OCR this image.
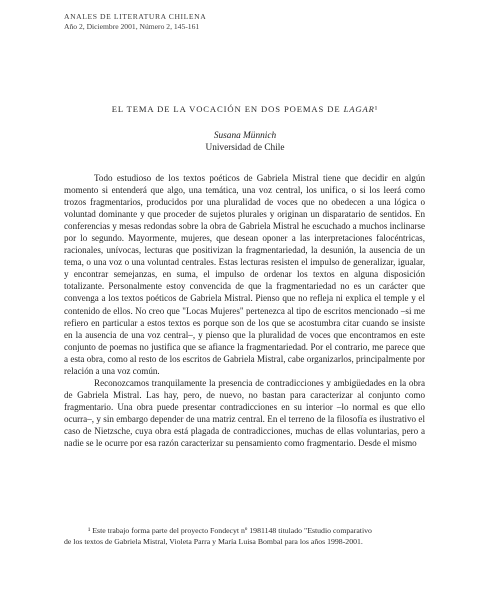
ANALES DE LITERATURA CHILENA
Año 2, Diciembre 2001, Número 2, 145-161
EL TEMA DE LA VOCACIÓN EN DOS POEMAS DE LAGAR¹
Susana Münnich
Universidad de Chile

Todo estudioso de los textos poéticos de Gabriela Mistral tiene que decidir en algún momento si entenderá que algo, una temática, una voz central, los unifica, o si los leerá como trozos fragmentarios, producidos por una pluralidad de voces que no obedecen a una lógica o voluntad dominante y que proceder de sujetos plurales y originan un disparatario de sentidos. En conferencias y mesas redondas sobre la obra de Gabriela Mistral he escuchado a muchos inclinarse por lo segundo. Mayormente, mujeres, que desean oponer a las interpretaciones falocéntricas, racionales, unívocas, lecturas que positivizan la fragmentariedad, la desunión, la ausencia de un tema, o una voz o una voluntad centrales. Estas lecturas resisten el impulso de generalizar, igualar, y encontrar semejanzas, en suma, el impulso de ordenar los textos en alguna disposición totalizante. Personalmente estoy convencida de que la fragmentariedad no es un carácter que convenga a los textos poéticos de Gabriela Mistral. Pienso que no refleja ni explica el temple y el contenido de ellos. No creo que "Locas Mujeres" pertenezca al tipo de escritos mencionado –si me refiero en particular a estos textos es porque son de los que se acostumbra citar cuando se insiste en la ausencia de una voz central–, y pienso que la pluralidad de voces que encontramos en este conjunto de poemas no justifica que se afiance la fragmentariedad. Por el contrario, me parece que a esta obra, como al resto de los escritos de Gabriela Mistral, cabe organizarlos, principalmente por relación a una voz común.

Reconozcamos tranquilamente la presencia de contradicciones y ambigüedades en la obra de Gabriela Mistral. Las hay, pero, de nuevo, no bastan para caracterizar al conjunto como fragmentario. Una obra puede presentar contradicciones en su interior –lo normal es que ello ocurra–, y sin embargo depender de una matriz central. En el terreno de la filosofía es ilustrativo el caso de Nietzsche, cuya obra está plagada de contradicciones, muchas de ellas voluntarias, pero a nadie se le ocurre por esa razón caracterizar su pensamiento como fragmentario. Desde el mismo

¹ Este trabajo forma parte del proyecto Fondecyt nº 1981148 titulado "Estudio comparativo
de los textos de Gabriela Mistral, Violeta Parra y María Luisa Bombal para los años 1998-2001.
